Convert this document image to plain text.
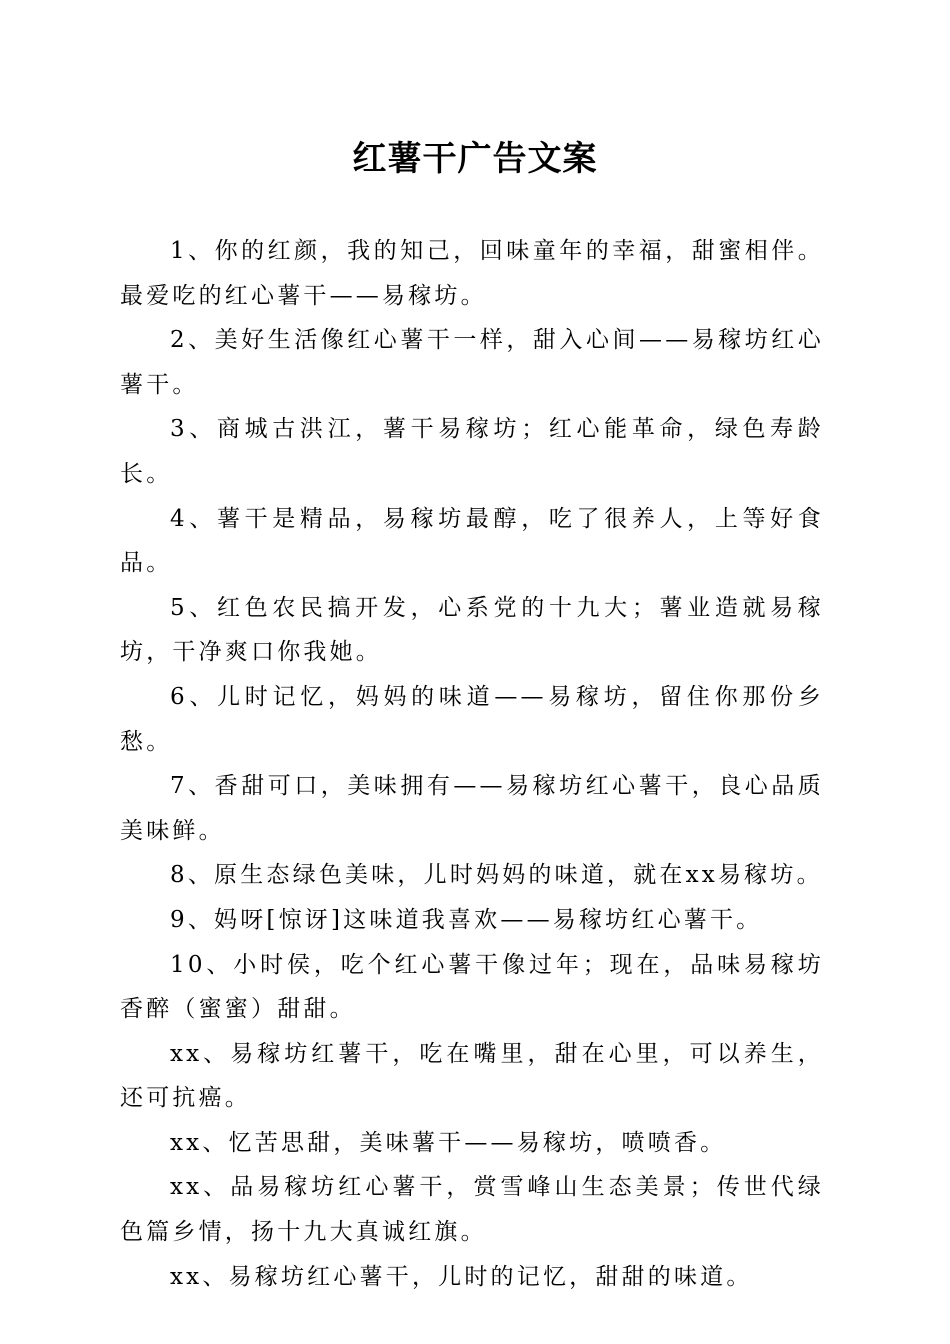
红薯干广告文案

1、你的红颜，我的知己，回味童年的幸福，甜蜜相伴。最爱吃的红心薯干——易稼坊。

2、美好生活像红心薯干一样，甜入心间——易稼坊红心薯干。

3、商城古洪江，薯干易稼坊；红心能革命，绿色寿龄长。

4、薯干是精品，易稼坊最醇，吃了很养人，上等好食品。

5、红色农民搞开发，心系党的十九大；薯业造就易稼坊，干净爽口你我她。

6、儿时记忆，妈妈的味道——易稼坊，留住你那份乡愁。

7、香甜可口，美味拥有——易稼坊红心薯干，良心品质美味鲜。

8、原生态绿色美味，儿时妈妈的味道，就在xx易稼坊。

9、妈呀[惊讶]这味道我喜欢——易稼坊红心薯干。

10、小时侯，吃个红心薯干像过年；现在，品味易稼坊香醉（蜜蜜）甜甜。

xx、易稼坊红薯干，吃在嘴里，甜在心里，可以养生，还可抗癌。

xx、忆苦思甜，美味薯干——易稼坊，喷喷香。

xx、品易稼坊红心薯干，赏雪峰山生态美景；传世代绿色篇乡情，扬十九大真诚红旗。

xx、易稼坊红心薯干，儿时的记忆，甜甜的味道。
